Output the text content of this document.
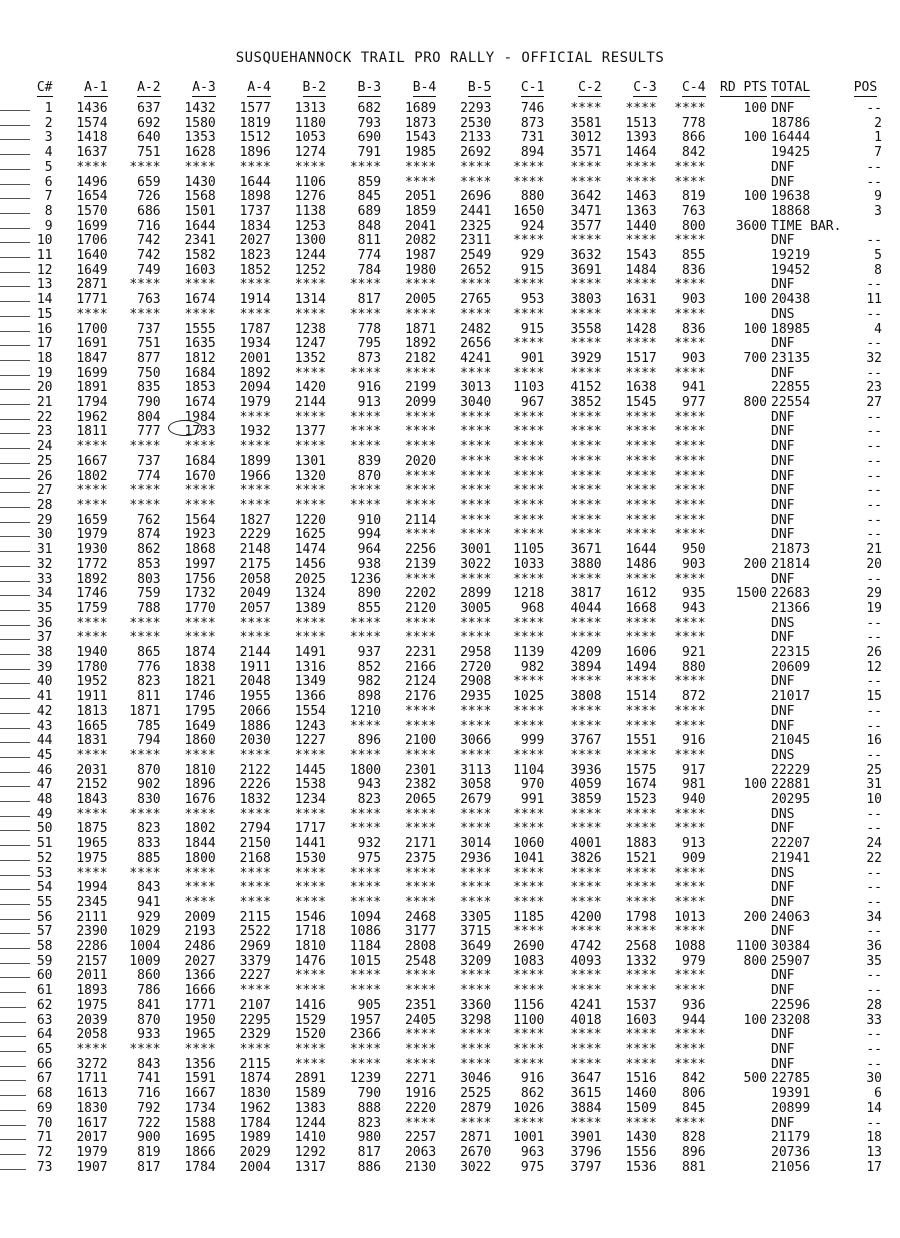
SUSQUEHANNOCK TRAIL PRO RALLY - OFFICIAL RESULTS
C#	A-1	A-2	A-3	A-4	B-2	B-3	B-4	B-5	C-1	C-2	C-3	C-4	RD PTS	TOTAL	POS
1	1436	637	1432	1577	1313	682	1689	2293	746	****	****	****	100	DNF	--
2	1574	692	1580	1819	1180	793	1873	2530	873	3581	1513	778		18786	2
3	1418	640	1353	1512	1053	690	1543	2133	731	3012	1393	866	100	16444	1
4	1637	751	1628	1896	1274	791	1985	2692	894	3571	1464	842		19425	7
5	****	****	****	****	****	****	****	****	****	****	****	****		DNF	--
6	1496	659	1430	1644	1106	859	****	****	****	****	****	****		DNF	--
7	1654	726	1568	1898	1276	845	2051	2696	880	3642	1463	819	100	19638	9
8	1570	686	1501	1737	1138	689	1859	2441	1650	3471	1363	763		18868	3
9	1699	716	1644	1834	1253	848	2041	2325	924	3577	1440	800	3600	TIME BAR.	
10	1706	742	2341	2027	1300	811	2082	2311	****	****	****	****		DNF	--
11	1640	742	1582	1823	1244	774	1987	2549	929	3632	1543	855		19219	5
12	1649	749	1603	1852	1252	784	1980	2652	915	3691	1484	836		19452	8
13	2871	****	****	****	****	****	****	****	****	****	****	****		DNF	--
14	1771	763	1674	1914	1314	817	2005	2765	953	3803	1631	903	100	20438	11
15	****	****	****	****	****	****	****	****	****	****	****	****		DNS	--
16	1700	737	1555	1787	1238	778	1871	2482	915	3558	1428	836	100	18985	4
17	1691	751	1635	1934	1247	795	1892	2656	****	****	****	****		DNF	--
18	1847	877	1812	2001	1352	873	2182	4241	901	3929	1517	903	700	23135	32
19	1699	750	1684	1892	****	****	****	****	****	****	****	****		DNF	--
20	1891	835	1853	2094	1420	916	2199	3013	1103	4152	1638	941		22855	23
21	1794	790	1674	1979	2144	913	2099	3040	967	3852	1545	977	800	22554	27
22	1962	804	1984	****	****	****	****	****	****	****	****	****		DNF	--
23	1811	777	1733	1932	1377	****	****	****	****	****	****	****		DNF	--
24	****	****	****	****	****	****	****	****	****	****	****	****		DNF	--
25	1667	737	1684	1899	1301	839	2020	****	****	****	****	****		DNF	--
26	1802	774	1670	1966	1320	870	****	****	****	****	****	****		DNF	--
27	****	****	****	****	****	****	****	****	****	****	****	****		DNF	--
28	****	****	****	****	****	****	****	****	****	****	****	****		DNF	--
29	1659	762	1564	1827	1220	910	2114	****	****	****	****	****		DNF	--
30	1979	874	1923	2229	1625	994	****	****	****	****	****	****		DNF	--
31	1930	862	1868	2148	1474	964	2256	3001	1105	3671	1644	950		21873	21
32	1772	853	1997	2175	1456	938	2139	3022	1033	3880	1486	903	200	21814	20
33	1892	803	1756	2058	2025	1236	****	****	****	****	****	****		DNF	--
34	1746	759	1732	2049	1324	890	2202	2899	1218	3817	1612	935	1500	22683	29
35	1759	788	1770	2057	1389	855	2120	3005	968	4044	1668	943		21366	19
36	****	****	****	****	****	****	****	****	****	****	****	****		DNS	--
37	****	****	****	****	****	****	****	****	****	****	****	****		DNF	--
38	1940	865	1874	2144	1491	937	2231	2958	1139	4209	1606	921		22315	26
39	1780	776	1838	1911	1316	852	2166	2720	982	3894	1494	880		20609	12
40	1952	823	1821	2048	1349	982	2124	2908	****	****	****	****		DNF	--
41	1911	811	1746	1955	1366	898	2176	2935	1025	3808	1514	872		21017	15
42	1813	1871	1795	2066	1554	1210	****	****	****	****	****	****		DNF	--
43	1665	785	1649	1886	1243	****	****	****	****	****	****	****		DNF	--
44	1831	794	1860	2030	1227	896	2100	3066	999	3767	1551	916		21045	16
45	****	****	****	****	****	****	****	****	****	****	****	****		DNS	--
46	2031	870	1810	2122	1445	1800	2301	3113	1104	3936	1575	917		22229	25
47	2152	902	1896	2226	1538	943	2382	3058	970	4059	1674	981	100	22881	31
48	1843	830	1676	1832	1234	823	2065	2679	991	3859	1523	940		20295	10
49	****	****	****	****	****	****	****	****	****	****	****	****		DNS	--
50	1875	823	1802	2794	1717	****	****	****	****	****	****	****		DNF	--
51	1965	833	1844	2150	1441	932	2171	3014	1060	4001	1883	913		22207	24
52	1975	885	1800	2168	1530	975	2375	2936	1041	3826	1521	909		21941	22
53	****	****	****	****	****	****	****	****	****	****	****	****		DNS	--
54	1994	843	****	****	****	****	****	****	****	****	****	****		DNF	--
55	2345	941	****	****	****	****	****	****	****	****	****	****		DNF	--
56	2111	929	2009	2115	1546	1094	2468	3305	1185	4200	1798	1013	200	24063	34
57	2390	1029	2193	2522	1718	1086	3177	3715	****	****	****	****		DNF	--
58	2286	1004	2486	2969	1810	1184	2808	3649	2690	4742	2568	1088	1100	30384	36
59	2157	1009	2027	3379	1476	1015	2548	3209	1083	4093	1332	979	800	25907	35
60	2011	860	1366	2227	****	****	****	****	****	****	****	****		DNF	--
61	1893	786	1666	****	****	****	****	****	****	****	****	****		DNF	--
62	1975	841	1771	2107	1416	905	2351	3360	1156	4241	1537	936		22596	28
63	2039	870	1950	2295	1529	1957	2405	3298	1100	4018	1603	944	100	23208	33
64	2058	933	1965	2329	1520	2366	****	****	****	****	****	****		DNF	--
65	****	****	****	****	****	****	****	****	****	****	****	****		DNF	--
66	3272	843	1356	2115	****	****	****	****	****	****	****	****		DNF	--
67	1711	741	1591	1874	2891	1239	2271	3046	916	3647	1516	842	500	22785	30
68	1613	716	1667	1830	1589	790	1916	2525	862	3615	1460	806		19391	6
69	1830	792	1734	1962	1383	888	2220	2879	1026	3884	1509	845		20899	14
70	1617	722	1588	1784	1244	823	****	****	****	****	****	****		DNF	--
71	2017	900	1695	1989	1410	980	2257	2871	1001	3901	1430	828		21179	18
72	1979	819	1866	2029	1292	817	2063	2670	963	3796	1556	896		20736	13
73	1907	817	1784	2004	1317	886	2130	3022	975	3797	1536	881		21056	17
